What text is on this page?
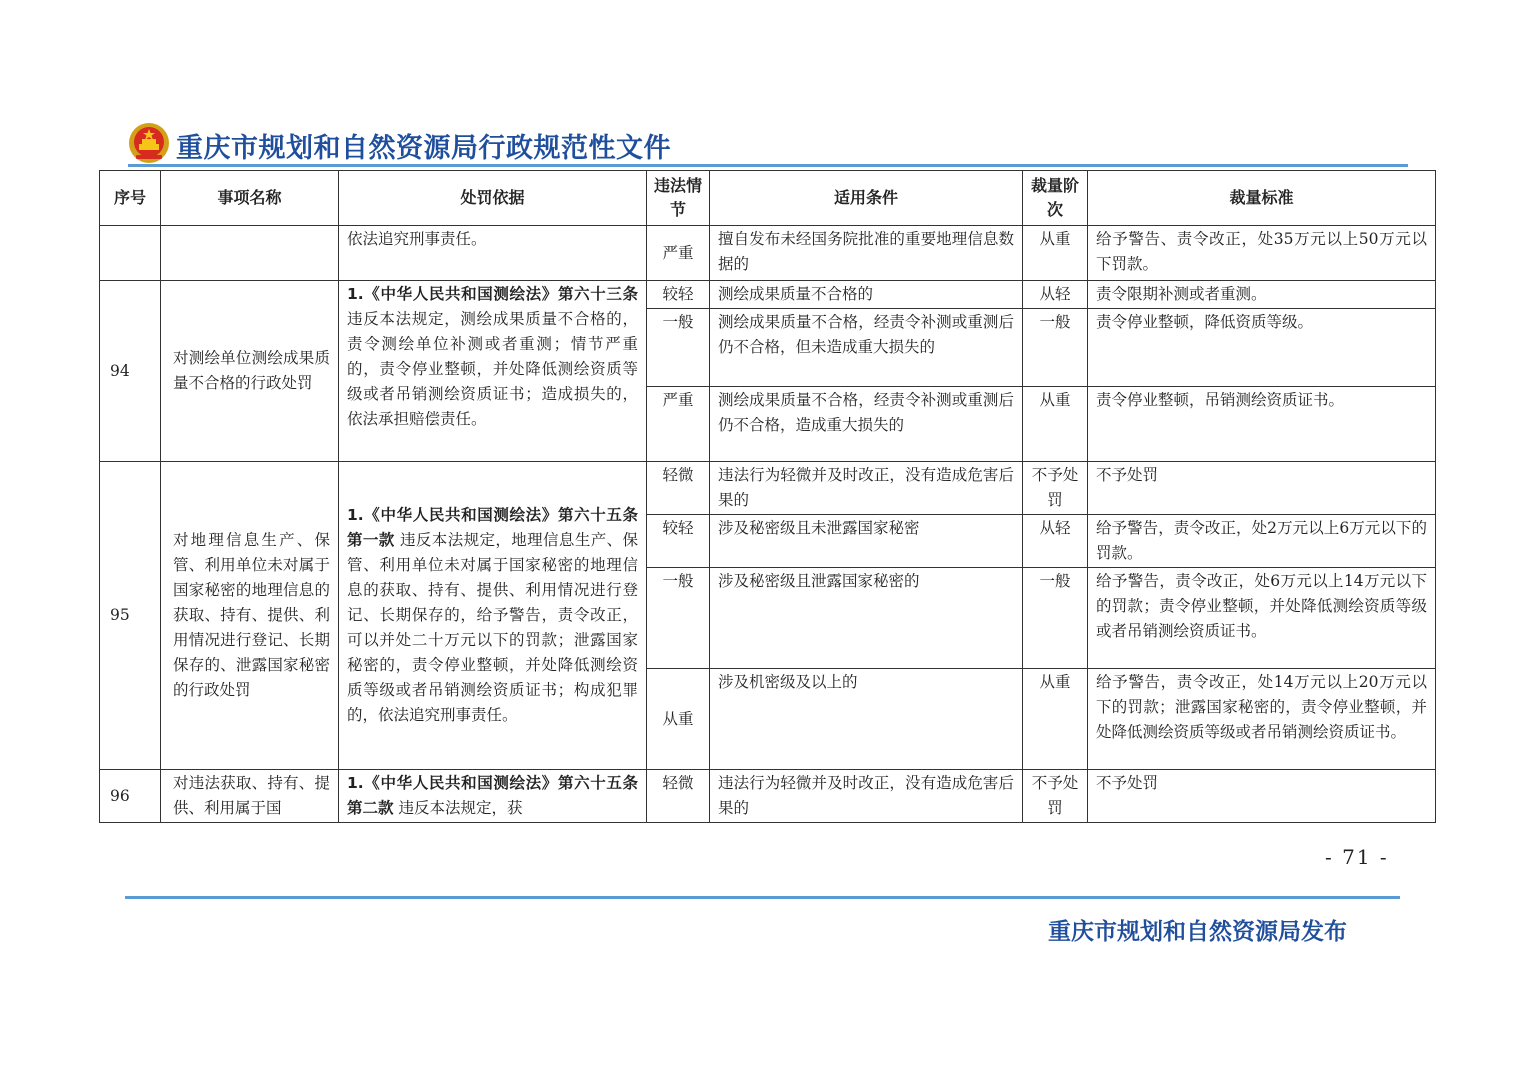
重庆市规划和自然资源局行政规范性文件
序号	事项名称	处罚依据	违法情节	适用条件	裁量阶次	裁量标准
		依法追究刑事责任。	严重	擅自发布未经国务院批准的重要地理信息数据的	从重	给予警告、责令改正，处35万元以上50万元以下罚款。
94	对测绘单位测绘成果质量不合格的行政处罚	1.《中华人民共和国测绘法》第六十三条 违反本法规定，测绘成果质量不合格的，责令测绘单位补测或者重测；情节严重的，责令停业整顿，并处降低测绘资质等级或者吊销测绘资质证书；造成损失的，依法承担赔偿责任。	较轻	测绘成果质量不合格的	从轻	责令限期补测或者重测。
			一般	测绘成果质量不合格，经责令补测或重测后仍不合格，但未造成重大损失的	一般	责令停业整顿，降低资质等级。
			严重	测绘成果质量不合格，经责令补测或重测后仍不合格，造成重大损失的	从重	责令停业整顿，吊销测绘资质证书。
95	对地理信息生产、保管、利用单位未对属于国家秘密的地理信息的获取、持有、提供、利用情况进行登记、长期保存的、泄露国家秘密的行政处罚	1.《中华人民共和国测绘法》第六十五条第一款 违反本法规定，地理信息生产、保管、利用单位未对属于国家秘密的地理信息的获取、持有、提供、利用情况进行登记、长期保存的，给予警告，责令改正，可以并处二十万元以下的罚款；泄露国家秘密的，责令停业整顿，并处降低测绘资质等级或者吊销测绘资质证书；构成犯罪的，依法追究刑事责任。	轻微	违法行为轻微并及时改正，没有造成危害后果的	不予处罚	不予处罚
			较轻	涉及秘密级且未泄露国家秘密	从轻	给予警告，责令改正，处2万元以上6万元以下的罚款。
			一般	涉及秘密级且泄露国家秘密的	一般	给予警告，责令改正，处6万元以上14万元以下的罚款；责令停业整顿，并处降低测绘资质等级或者吊销测绘资质证书。
			从重	涉及机密级及以上的	从重	给予警告，责令改正，处14万元以上20万元以下的罚款；泄露国家秘密的，责令停业整顿，并处降低测绘资质等级或者吊销测绘资质证书。
96	对违法获取、持有、提供、利用属于国	1.《中华人民共和国测绘法》第六十五条第二款 违反本法规定，获	轻微	违法行为轻微并及时改正，没有造成危害后果的	不予处罚	不予处罚
- 71 -
重庆市规划和自然资源局发布
